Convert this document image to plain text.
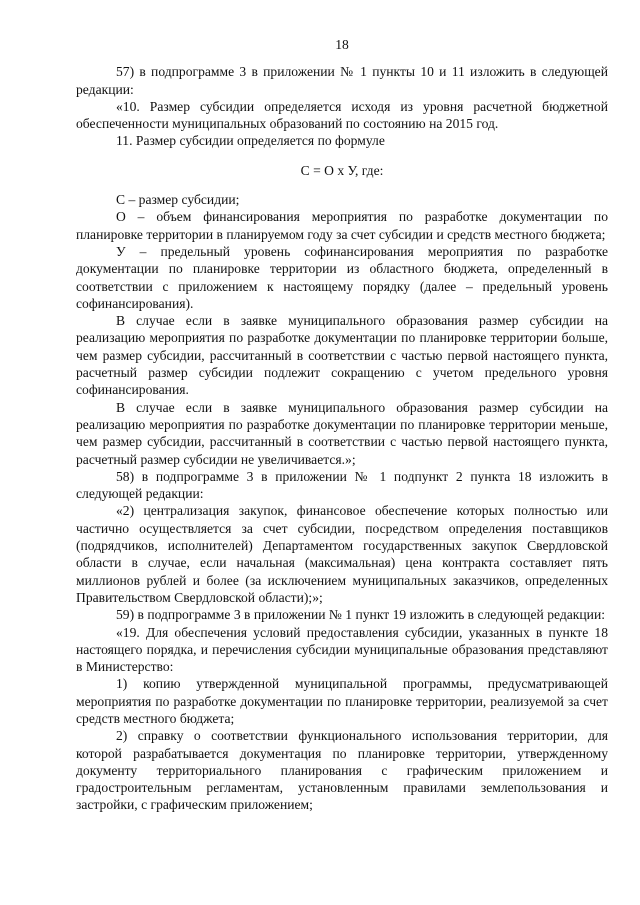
18

57) в подпрограмме 3 в приложении № 1 пункты 10 и 11 изложить в следующей редакции:

«10. Размер субсидии определяется исходя из уровня расчетной бюджетной обеспеченности муниципальных образований по состоянию на 2015 год.

11. Размер субсидии определяется по формуле

С = О х У, где:

С – размер субсидии;

О – объем финансирования мероприятия по разработке документации по планировке территории в планируемом году за счет субсидии и средств местного бюджета;

У – предельный уровень софинансирования мероприятия по разработке документации по планировке территории из областного бюджета, определенный в соответствии с приложением к настоящему порядку (далее – предельный уровень софинансирования).

В случае если в заявке муниципального образования размер субсидии на реализацию мероприятия по разработке документации по планировке территории больше, чем размер субсидии, рассчитанный в соответствии с частью первой настоящего пункта, расчетный размер субсидии подлежит сокращению с учетом предельного уровня софинансирования.

В случае если в заявке муниципального образования размер субсидии на реализацию мероприятия по разработке документации по планировке территории меньше, чем размер субсидии, рассчитанный в соответствии с частью первой настоящего пункта, расчетный размер субсидии не увеличивается.»;

58) в подпрограмме 3 в приложении № 1 подпункт 2 пункта 18 изложить в следующей редакции:

«2) централизация закупок, финансовое обеспечение которых полностью или частично осуществляется за счет субсидии, посредством определения поставщиков (подрядчиков, исполнителей) Департаментом государственных закупок Свердловской области в случае, если начальная (максимальная) цена контракта составляет пять миллионов рублей и более (за исключением муниципальных заказчиков, определенных Правительством Свердловской области);»;

59) в подпрограмме 3 в приложении № 1 пункт 19 изложить в следующей редакции:

«19. Для обеспечения условий предоставления субсидии, указанных в пункте 18 настоящего порядка, и перечисления субсидии муниципальные образования представляют в Министерство:

1) копию утвержденной муниципальной программы, предусматривающей мероприятия по разработке документации по планировке территории, реализуемой за счет средств местного бюджета;

2) справку о соответствии функционального использования территории, для которой разрабатывается документация по планировке территории, утвержденному документу территориального планирования с графическим приложением и градостроительным регламентам, установленным правилами землепользования и застройки, с графическим приложением;
